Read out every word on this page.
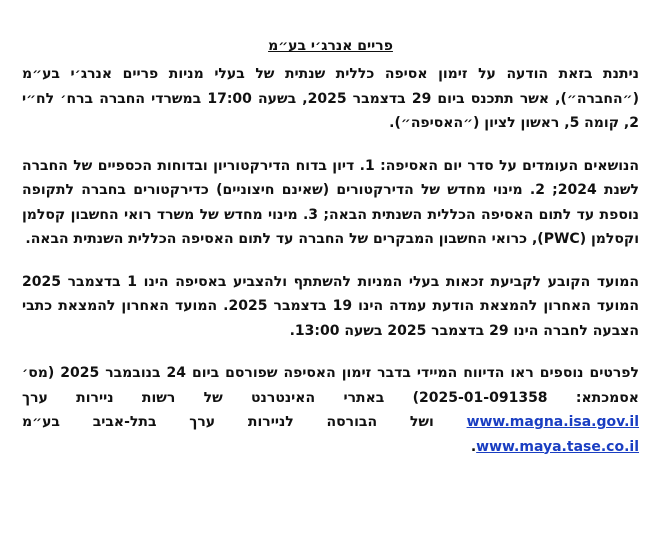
פריים אנרג׳י בע״מ

ניתנת בזאת הודעה על זימון אסיפה כללית שנתית של בעלי מניות פריים אנרג׳י בע״מ (״החברה״), אשר תתכנס ביום 29 בדצמבר 2025, בשעה 17:00 במשרדי החברה ברח׳ לח״י 2, קומה 5, ראשון לציון (״האסיפה״).

הנושאים העומדים על סדר יום האסיפה: 1. דיון בדוח הדירקטוריון ובדוחות הכספיים של החברה לשנת 2024; 2. מינוי מחדש של הדירקטורים (שאינם חיצוניים) כדירקטורים בחברה לתקופה נוספת עד לתום האסיפה הכללית השנתית הבאה; 3. מינוי מחדש של משרד רואי החשבון קסלמן וקסלמן (PWC), כרואי החשבון המבקרים של החברה עד לתום האסיפה הכללית השנתית הבאה.

המועד הקובע לקביעת זכאות בעלי המניות להשתתף ולהצביע באסיפה הינו 1 בדצמבר 2025 המועד האחרון להמצאת הודעת עמדה הינו 19 בדצמבר 2025. המועד האחרון להמצאת כתבי הצבעה לחברה הינו 29 בדצמבר 2025 בשעה 13:00.

לפרטים נוספים ראו הדיווח המיידי בדבר זימון האסיפה שפורסם ביום 24 בנובמבר 2025 (מס׳ אסמכתא: 2025-01-091358) באתרי האינטרנט של רשות ניירות ערך www.magna.isa.gov.il ושל הבורסה לניירות ערך בתל-אביב בע״מ www.maya.tase.co.il.
